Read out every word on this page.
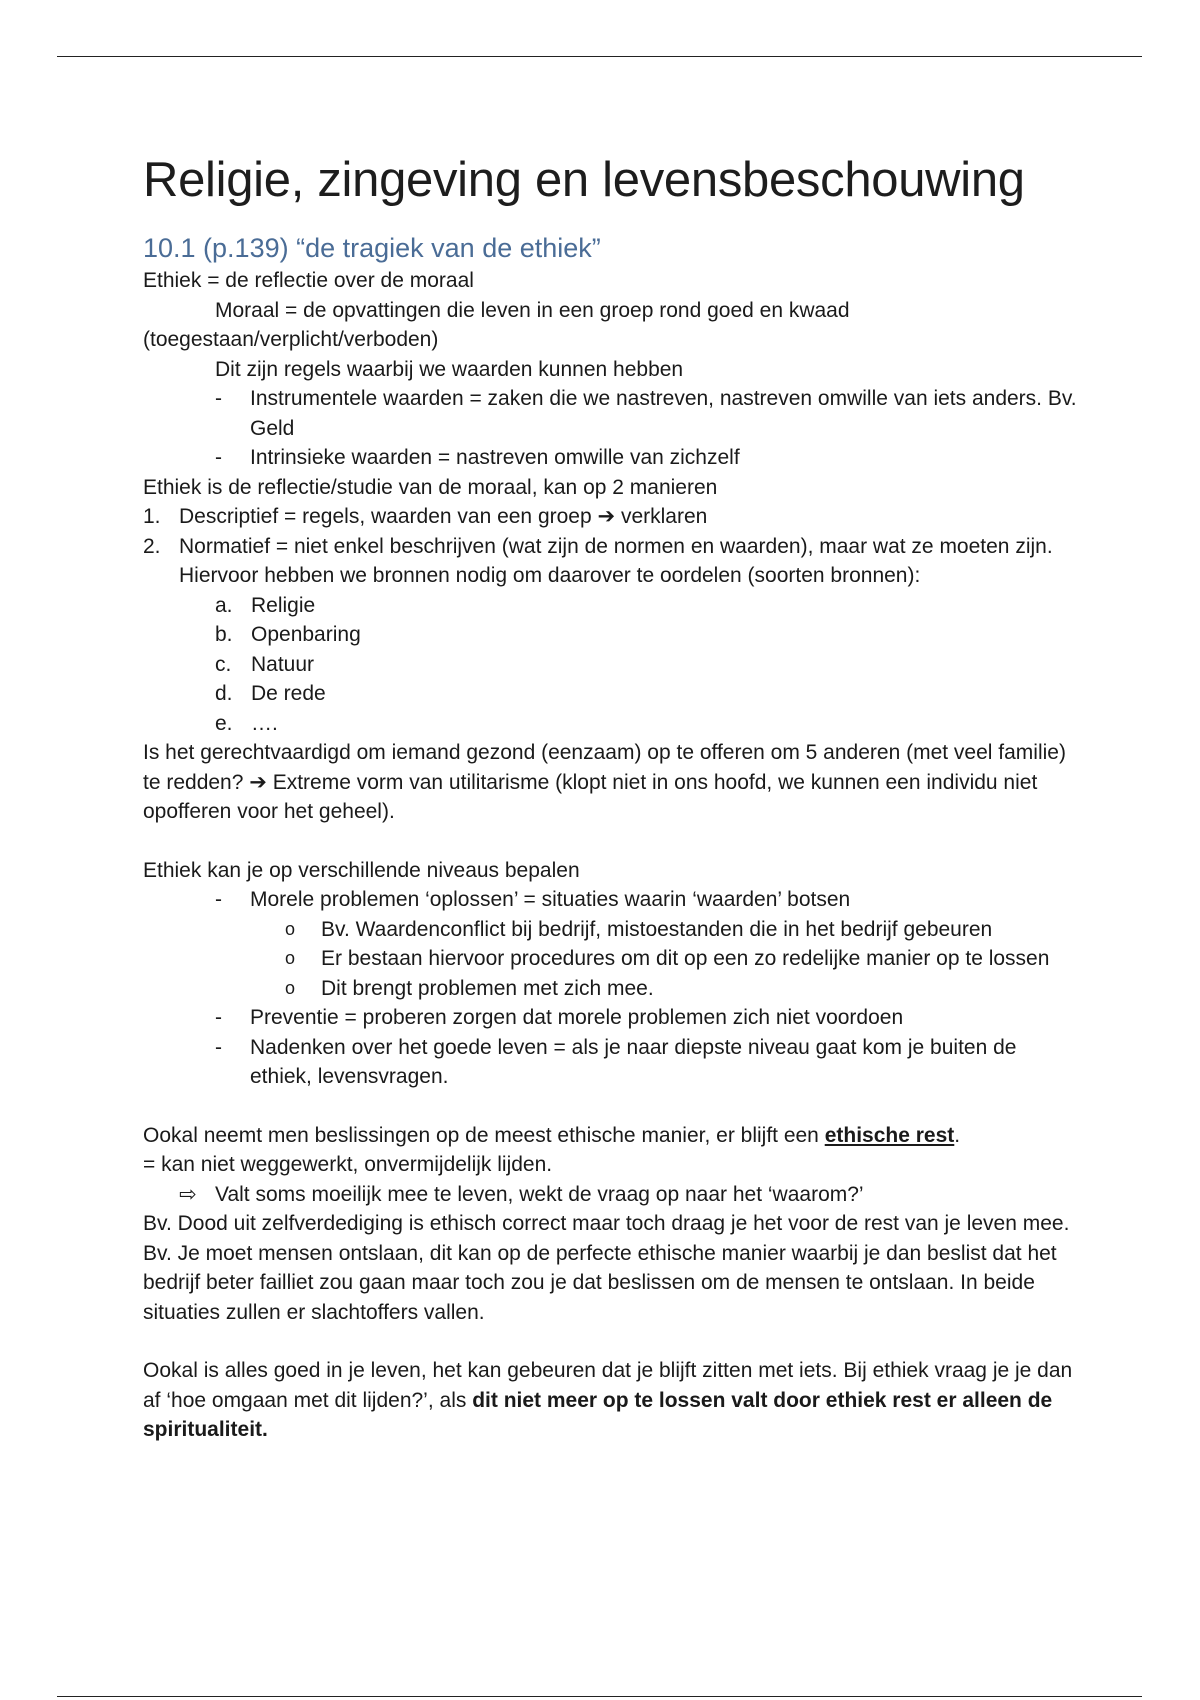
Religie, zingeving en levensbeschouwing
10.1 (p.139) “de tragiek van de ethiek”

Ethiek = de reflectie over de moraal

Moraal = de opvattingen die leven in een groep rond goed en kwaad

(toegestaan/verplicht/verboden)

Dit zijn regels waarbij we waarden kunnen hebben

-	Instrumentele waarden = zaken die we nastreven, nastreven omwille van iets anders. Bv. Geld
-	Intrinsieke waarden = nastreven omwille van zichzelf

Ethiek is de reflectie/studie van de moraal, kan op 2 manieren

1. Descriptief = regels, waarden van een groep ➔ verklaren
2. Normatief = niet enkel beschrijven (wat zijn de normen en waarden), maar wat ze moeten zijn. Hiervoor hebben we bronnen nodig om daarover te oordelen (soorten bronnen):
a. Religie
b. Openbaring
c. Natuur
d. De rede
e. ….

Is het gerechtvaardigd om iemand gezond (eenzaam) op te offeren om 5 anderen (met veel familie) te redden? ➔ Extreme vorm van utilitarisme (klopt niet in ons hoofd, we kunnen een individu niet opofferen voor het geheel).

Ethiek kan je op verschillende niveaus bepalen

-	Morele problemen ‘oplossen’ = situaties waarin ‘waarden’ botsen
o	Bv. Waardenconflict bij bedrijf, mistoestanden die in het bedrijf gebeuren
o	Er bestaan hiervoor procedures om dit op een zo redelijke manier op te lossen
o	Dit brengt problemen met zich mee.
-	Preventie = proberen zorgen dat morele problemen zich niet voordoen
-	Nadenken over het goede leven = als je naar diepste niveau gaat kom je buiten de ethiek, levensvragen.

Ookal neemt men beslissingen op de meest ethische manier, er blijft een ethische rest.

= kan niet weggewerkt, onvermijdelijk lijden.

⇨ Valt soms moeilijk mee te leven, wekt de vraag op naar het ‘waarom?’

Bv. Dood uit zelfverdediging is ethisch correct maar toch draag je het voor de rest van je leven mee.

Bv. Je moet mensen ontslaan, dit kan op de perfecte ethische manier waarbij je dan beslist dat het bedrijf beter failliet zou gaan maar toch zou je dat beslissen om de mensen te ontslaan. In beide situaties zullen er slachtoffers vallen.

Ookal is alles goed in je leven, het kan gebeuren dat je blijft zitten met iets. Bij ethiek vraag je je dan af ‘hoe omgaan met dit lijden?’, als dit niet meer op te lossen valt door ethiek rest er alleen de spiritualiteit.
